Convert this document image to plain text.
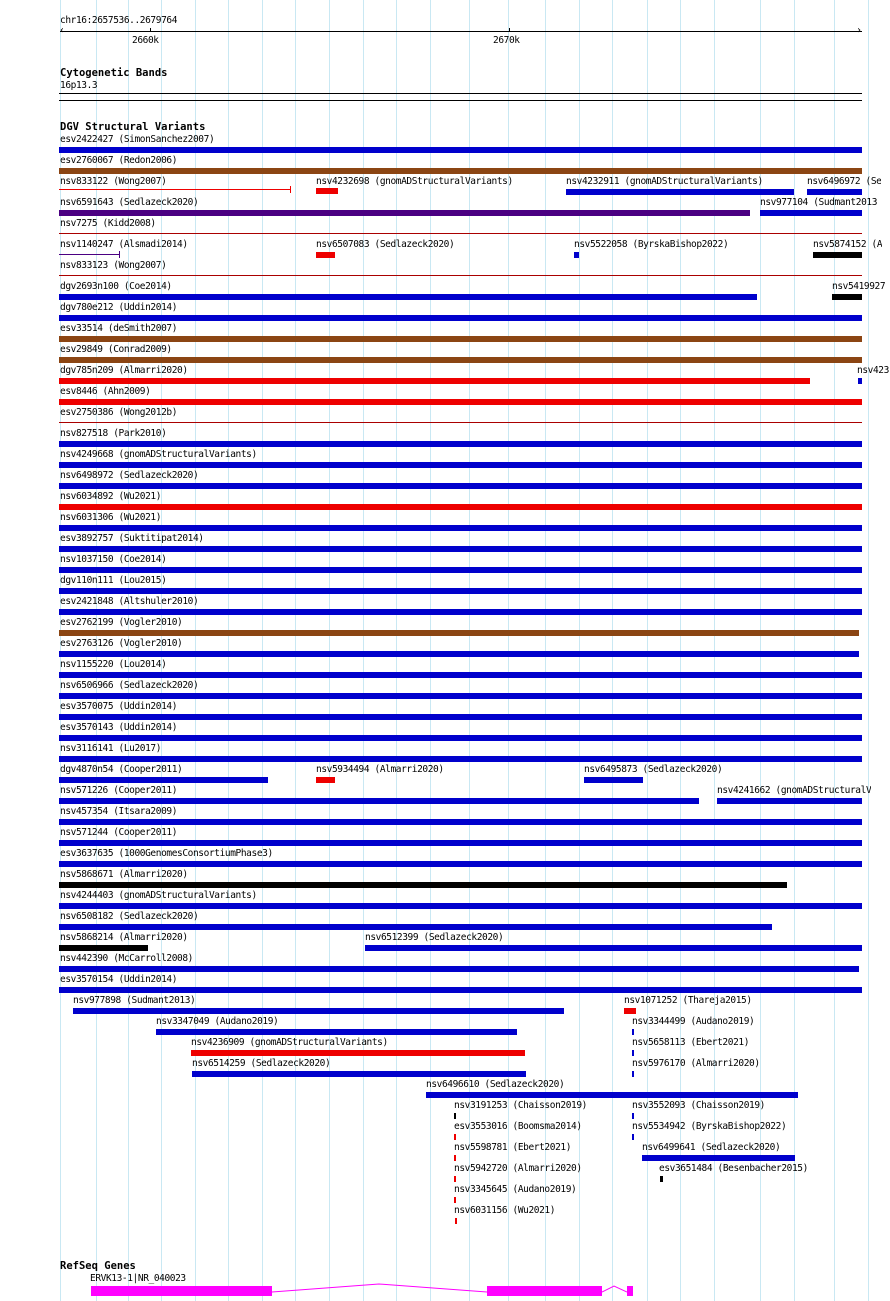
chr16:2657536..2679764
‹	›
2660k	2670k
Cytogenetic Bands
16p13.3
DGV Structural Variants
esv2422427 (SimonSanchez2007)
esv2760067 (Redon2006)
nsv833122 (Wong2007)	nsv4232698 (gnomADStructuralVariants)	nsv4232911 (gnomADStructuralVariants)	nsv6496972 (Se
nsv6591643 (Sedlazeck2020)	nsv977104 (Sudmant2013
nsv7275 (Kidd2008)
nsv1140247 (Alsmadi2014)	nsv6507083 (Sedlazeck2020)	nsv5522058 (ByrskaBishop2022)	nsv5874152 (A
nsv833123 (Wong2007)
dgv2693n100 (Coe2014)	nsv5419927
dgv780e212 (Uddin2014)
esv33514 (deSmith2007)
esv29849 (Conrad2009)
dgv785n209 (Almarri2020)	nsv423
esv8446 (Ahn2009)
esv2750386 (Wong2012b)
nsv827518 (Park2010)
nsv4249668 (gnomADStructuralVariants)
nsv6498972 (Sedlazeck2020)
nsv6034892 (Wu2021)
nsv6031306 (Wu2021)
esv3892757 (Suktitipat2014)
nsv1037150 (Coe2014)
dgv110n111 (Lou2015)
esv2421848 (Altshuler2010)
esv2762199 (Vogler2010)
esv2763126 (Vogler2010)
nsv1155220 (Lou2014)
nsv6506966 (Sedlazeck2020)
esv3570075 (Uddin2014)
esv3570143 (Uddin2014)
nsv3116141 (Lu2017)
dgv4870n54 (Cooper2011)	nsv5934494 (Almarri2020)	nsv6495873 (Sedlazeck2020)
nsv571226 (Cooper2011)	nsv4241662 (gnomADStructuralV
nsv457354 (Itsara2009)
nsv571244 (Cooper2011)
esv3637635 (1000GenomesConsortiumPhase3)
nsv5868671 (Almarri2020)
nsv4244403 (gnomADStructuralVariants)
nsv6508182 (Sedlazeck2020)
nsv5868214 (Almarri2020)	nsv6512399 (Sedlazeck2020)
nsv442390 (McCarroll2008)
esv3570154 (Uddin2014)
nsv977898 (Sudmant2013)	nsv1071252 (Thareja2015)
nsv3347049 (Audano2019)	nsv3344499 (Audano2019)
nsv4236909 (gnomADStructuralVariants)	nsv5658113 (Ebert2021)
nsv6514259 (Sedlazeck2020)	nsv5976170 (Almarri2020)
nsv6496610 (Sedlazeck2020)
nsv3191253 (Chaisson2019)	nsv3552093 (Chaisson2019)
esv3553016 (Boomsma2014)	nsv5534942 (ByrskaBishop2022)
nsv5598781 (Ebert2021)	nsv6499641 (Sedlazeck2020)
nsv5942720 (Almarri2020)	esv3651484 (Besenbacher2015)
nsv3345645 (Audano2019)
nsv6031156 (Wu2021)
RefSeq Genes
ERVK13-1|NR_040023
